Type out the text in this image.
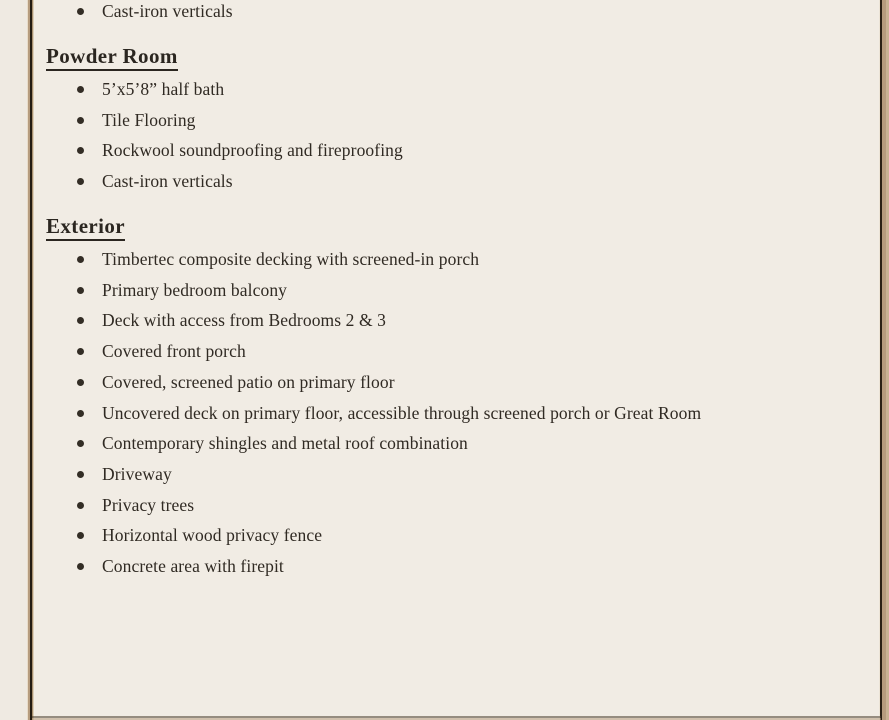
Cast-iron verticals
Powder Room
5’x5’8” half bath
Tile Flooring
Rockwool soundproofing and fireproofing
Cast-iron verticals
Exterior
Timbertec composite decking with screened-in porch
Primary bedroom balcony
Deck with access from Bedrooms 2 & 3
Covered front porch
Covered, screened patio on primary floor
Uncovered deck on primary floor, accessible through screened porch or Great Room
Contemporary shingles and metal roof combination
Driveway
Privacy trees
Horizontal wood privacy fence
Concrete area with firepit
